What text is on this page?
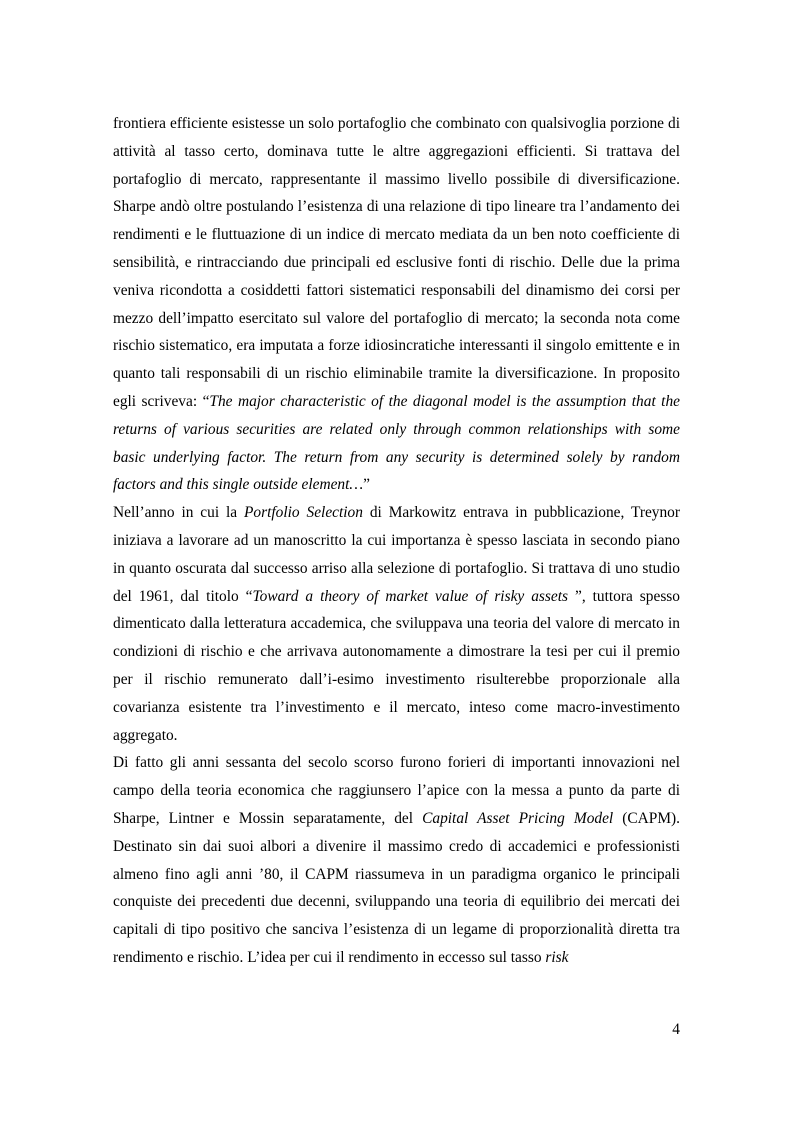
frontiera efficiente esistesse un solo portafoglio che combinato con qualsivoglia porzione di attività al tasso certo, dominava tutte le altre aggregazioni efficienti. Si trattava del portafoglio di mercato, rappresentante il massimo livello possibile di diversificazione. Sharpe andò oltre postulando l’esistenza di una relazione di tipo lineare tra l’andamento dei rendimenti e le fluttuazione di un indice di mercato mediata da un ben noto coefficiente di sensibilità, e rintracciando due principali ed esclusive fonti di rischio. Delle due la prima veniva ricondotta a cosiddetti fattori sistematici responsabili del dinamismo dei corsi per mezzo dell’impatto esercitato sul valore del portafoglio di mercato; la seconda nota come rischio sistematico, era imputata a forze idiosincratiche interessanti il singolo emittente e in quanto tali responsabili di un rischio eliminabile tramite la diversificazione. In proposito egli scriveva: “The major characteristic of the diagonal model is the assumption that the returns of various securities are related only through common relationships with some basic underlying factor. The return from any security is determined solely by random factors and this single outside element…”

Nell’anno in cui la Portfolio Selection di Markowitz entrava in pubblicazione, Treynor iniziava a lavorare ad un manoscritto la cui importanza è spesso lasciata in secondo piano in quanto oscurata dal successo arriso alla selezione di portafoglio. Si trattava di uno studio del 1961, dal titolo “Toward a theory of market value of risky assets ”, tuttora spesso dimenticato dalla letteratura accademica, che sviluppava una teoria del valore di mercato in condizioni di rischio e che arrivava autonomamente a dimostrare la tesi per cui il premio per il rischio remunerato dall’i-esimo investimento risulterebbe proporzionale alla covarianza esistente tra l’investimento e il mercato, inteso come macro-investimento aggregato.

Di fatto gli anni sessanta del secolo scorso furono forieri di importanti innovazioni nel campo della teoria economica che raggiunsero l’apice con la messa a punto da parte di Sharpe, Lintner e Mossin separatamente, del Capital Asset Pricing Model (CAPM). Destinato sin dai suoi albori a divenire il massimo credo di accademici e professionisti almeno fino agli anni ’80, il CAPM riassumeva in un paradigma organico le principali conquiste dei precedenti due decenni, sviluppando una teoria di equilibrio dei mercati dei capitali di tipo positivo che sanciva l’esistenza di un legame di proporzionalità diretta tra rendimento e rischio. L’idea per cui il rendimento in eccesso sul tasso risk

4
